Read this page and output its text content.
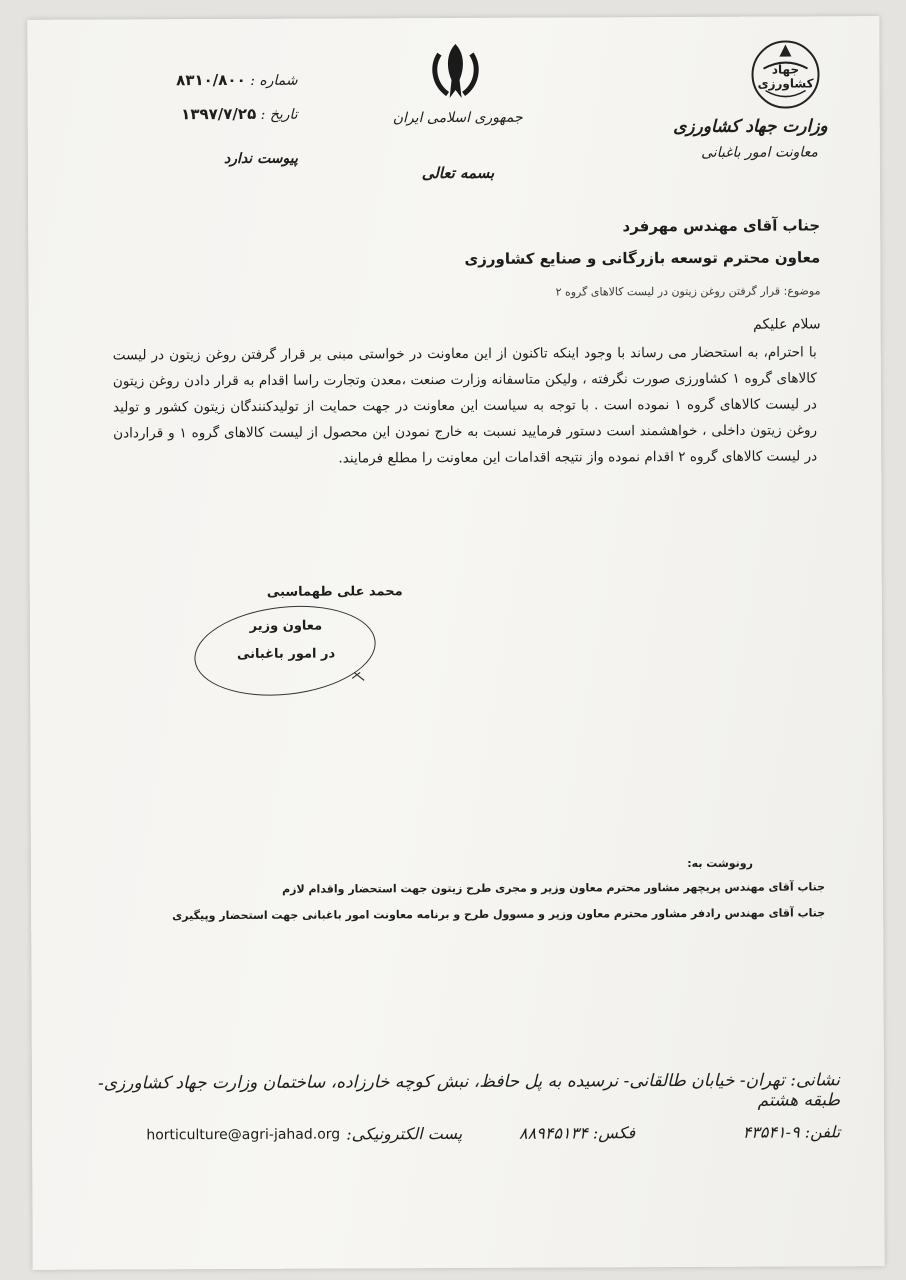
جهاد کشاورزی
وزارت جهاد کشاورزی
معاونت امور باغبانی
جمهوری اسلامی ایران
بسمه تعالی
شماره : ۸۳۱۰/۸۰۰
تاریخ : ۱۳۹۷/۷/۲۵
پیوست ندارد
جناب آقای مهندس مهرفرد
معاون محترم توسعه بازرگانی و صنایع کشاورزی
موضوع: قرار گرفتن روغن زیتون در لیست کالاهای گروه ۲
سلام علیکم
با احترام، به استحضار می رساند با وجود اینکه تاکنون از این معاونت در خواستی مبنی بر قرار گرفتن روغن زیتون در لیست کالاهای گروه ۱ کشاورزی صورت نگرفته ، ولیکن متاسفانه وزارت صنعت ،معدن وتجارت راسا اقدام به قرار دادن روغن زیتون در لیست کالاهای گروه ۱ نموده است . با توجه به سیاست این معاونت در جهت حمایت از تولیدکنندگان زیتون کشور و تولید روغن زیتون داخلی ، خواهشمند است دستور فرمایید نسبت به خارج نمودن این محصول از لیست کالاهای گروه ۱ و قراردادن در لیست کالاهای گروه ۲ اقدام نموده واز نتیجه اقدامات این معاونت را مطلع فرمایند.
محمد علی طهماسبی
معاون وزیر
در امور باغبانی
رونوشت به:
جناب آقای مهندس پریچهر مشاور محترم معاون وزیر و مجری طرح زیتون جهت استحضار واقدام لازم
جناب آقای مهندس رادفر مشاور محترم معاون وزیر و مسوول طرح و برنامه معاونت امور باغبانی جهت استحضار وپیگیری
نشانی: تهران- خیابان طالقانی- نرسیده به پل حافظ، نبش کوچه خارزاده، ساختمان وزارت جهاد کشاورزی- طبقه هشتم
تلفن: ۹-۴۳۵۴۱
فکس: ۸۸۹۴۵۱۳۴
پست الکترونیکی:
horticulture@agri-jahad.org
